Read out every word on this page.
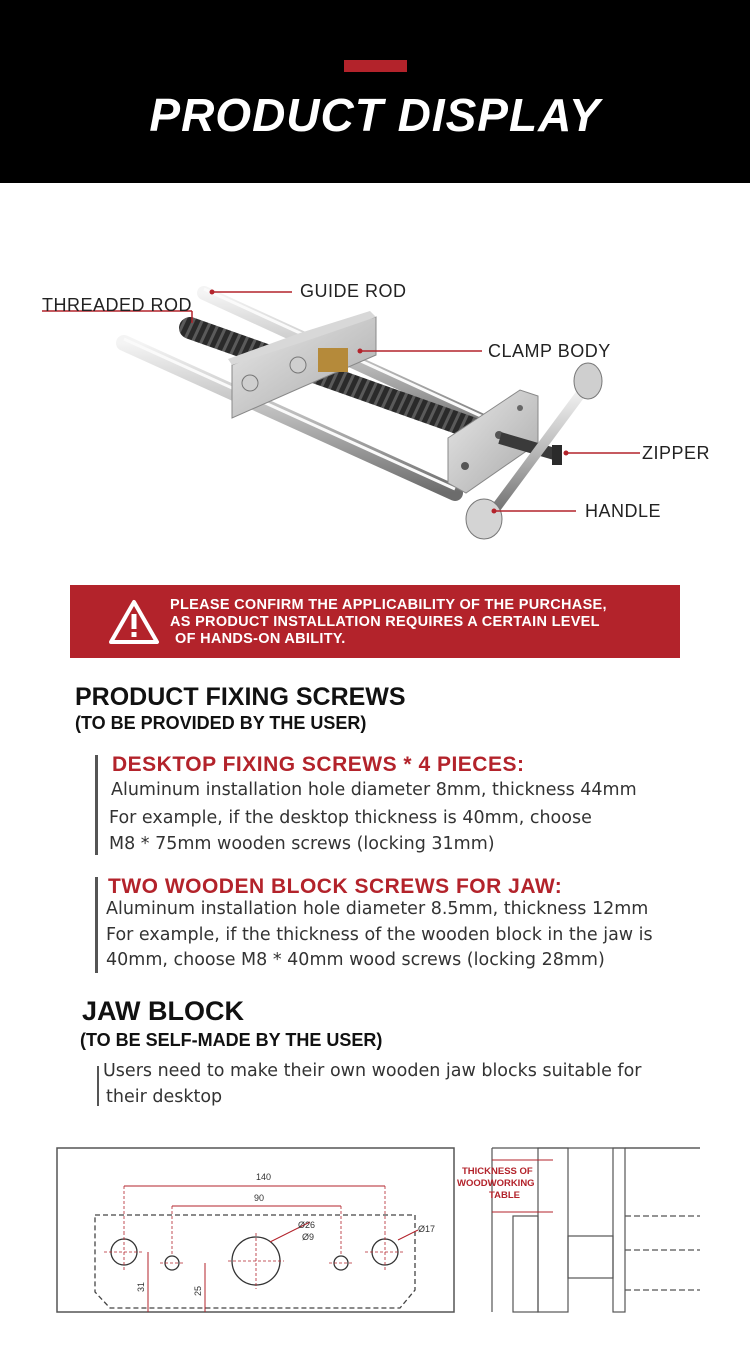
PRODUCT DISPLAY
GUIDE ROD
THREADED ROD
CLAMP BODY
ZIPPER
HANDLE
PLEASE CONFIRM THE APPLICABILITY OF THE PURCHASE,
AS PRODUCT INSTALLATION REQUIRES A CERTAIN LEVEL
OF HANDS-ON ABILITY.
PRODUCT FIXING SCREWS
(TO BE PROVIDED BY THE USER)
DESKTOP FIXING SCREWS * 4 PIECES:
Aluminum installation hole diameter 8mm, thickness 44mm
For example, if the desktop thickness is 40mm, choose
M8 * 75mm wooden screws (locking 31mm)
TWO WOODEN BLOCK SCREWS FOR JAW:
Aluminum installation hole diameter 8.5mm, thickness 12mm
For example, if the thickness of the wooden block in the jaw is
40mm, choose M8 * 40mm wood screws (locking 28mm)
JAW BLOCK
(TO BE SELF-MADE BY THE USER)
Users need to make their own wooden jaw blocks suitable for
their desktop
140
90
Ø26
Ø9
Ø17
31	25
THICKNESS OF
WOODWORKING
TABLE
